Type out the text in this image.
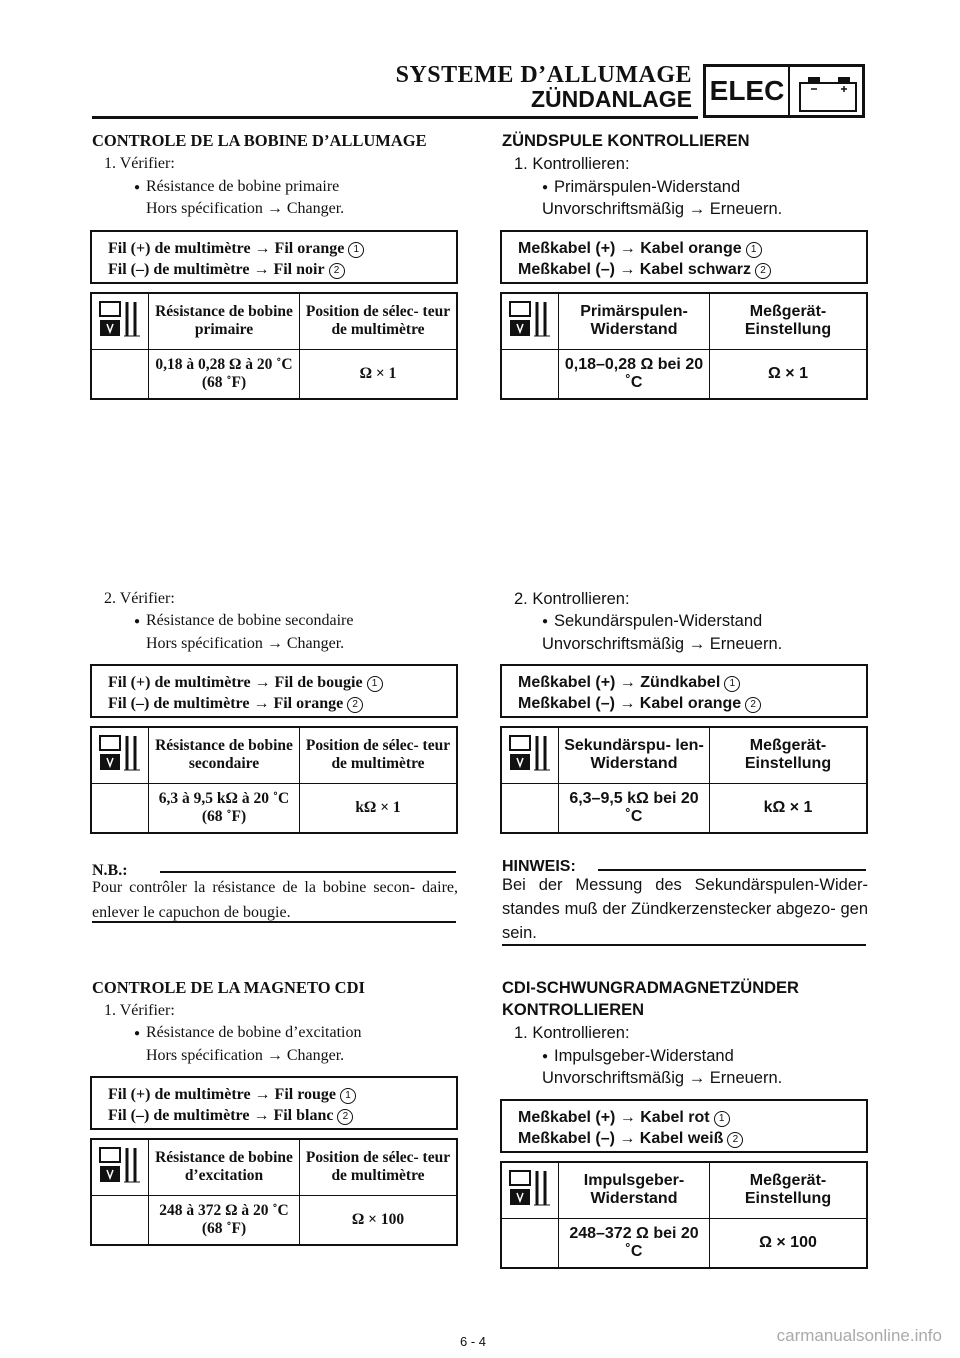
SYSTEME D’ALLUMAGE
ZÜNDANLAGE ELEC
CONTROLE DE LA BOBINE D’ALLUMAGE
1. Vérifier:
● Résistance de bobine primaire
Hors spécification → Changer.
Fil (+) de multimètre → Fil orange 1
Fil (–) de multimètre → Fil noir 2
	Résistance de bobine primaire	Position de sélec- teur de multimètre
	0,18 à 0,28 Ω à 20 ˚C (68 ˚F)	Ω × 1
2. Vérifier:
● Résistance de bobine secondaire
Hors spécification → Changer.
Fil (+) de multimètre → Fil de bougie 1
Fil (–) de multimètre → Fil orange 2
	Résistance de bobine secondaire	Position de sélec- teur de multimètre
	6,3 à 9,5 kΩ à 20 ˚C (68 ˚F)	kΩ × 1
N.B.:
Pour contrôler la résistance de la bobine secon- daire, enlever le capuchon de bougie.
CONTROLE DE LA MAGNETO CDI
1. Vérifier:
● Résistance de bobine d’excitation
Hors spécification → Changer.
Fil (+) de multimètre → Fil rouge 1
Fil (–) de multimètre → Fil blanc 2
	Résistance de bobine d’excitation	Position de sélec- teur de multimètre
	248 à 372 Ω à 20 ˚C (68 ˚F)	Ω × 100
ZÜNDSPULE KONTROLLIEREN
1. Kontrollieren:
● Primärspulen-Widerstand
Unvorschriftsmäßig → Erneuern.
Meßkabel (+) → Kabel orange 1
Meßkabel (–) → Kabel schwarz 2
	Primärspulen- Widerstand	Meßgerät- Einstellung
	0,18–0,28 Ω bei 20 ˚C	Ω × 1
2. Kontrollieren:
● Sekundärspulen-Widerstand
Unvorschriftsmäßig → Erneuern.
Meßkabel (+) → Zündkabel 1
Meßkabel (–) → Kabel orange 2
	Sekundärspu- len-Widerstand	Meßgerät- Einstellung
	6,3–9,5 kΩ bei 20 ˚C	kΩ × 1
HINWEIS:
Bei der Messung des Sekundärspulen-Wider- standes muß der Zündkerzenstecker abgezo- gen sein.
CDI-SCHWUNGRADMAGNETZÜNDER
KONTROLLIEREN
1. Kontrollieren:
● Impulsgeber-Widerstand
Unvorschriftsmäßig → Erneuern.
Meßkabel (+) → Kabel rot 1
Meßkabel (–) → Kabel weiß 2
	Impulsgeber- Widerstand	Meßgerät- Einstellung
	248–372 Ω bei 20 ˚C	Ω × 100
6 - 4	carmanualsonline.info
